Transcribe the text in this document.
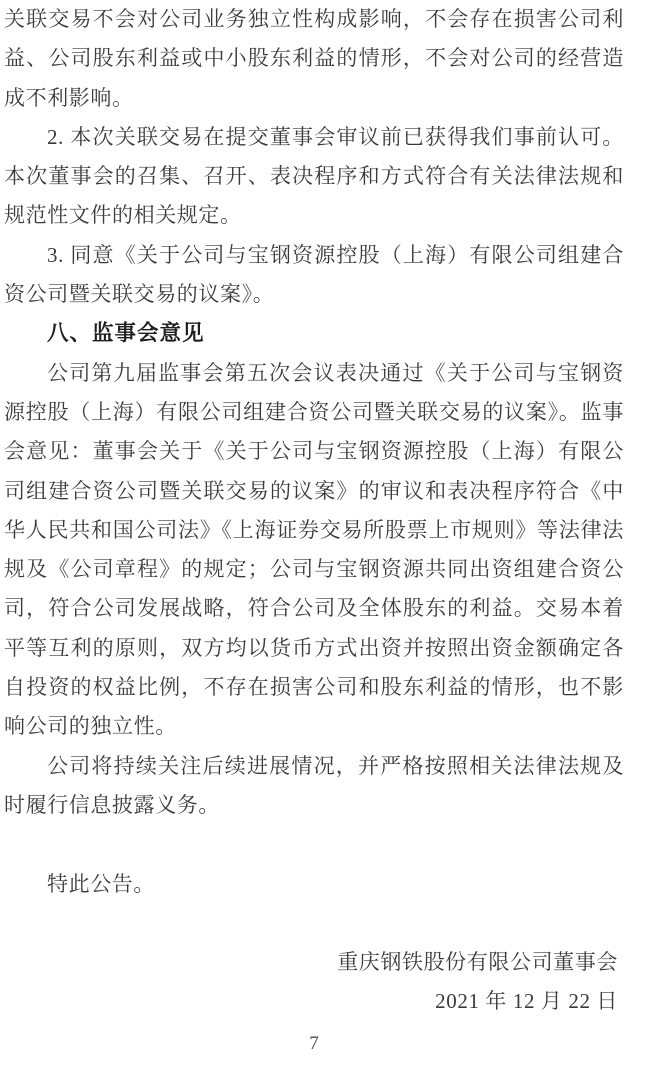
关联交易不会对公司业务独立性构成影响，不会存在损害公司利益、公司股东利益或中小股东利益的情形，不会对公司的经营造成不利影响。

2. 本次关联交易在提交董事会审议前已获得我们事前认可。本次董事会的召集、召开、表决程序和方式符合有关法律法规和规范性文件的相关规定。

3. 同意《关于公司与宝钢资源控股（上海）有限公司组建合资公司暨关联交易的议案》。

八、监事会意见

公司第九届监事会第五次会议表决通过《关于公司与宝钢资源控股（上海）有限公司组建合资公司暨关联交易的议案》。监事会意见：董事会关于《关于公司与宝钢资源控股（上海）有限公司组建合资公司暨关联交易的议案》的审议和表决程序符合《中华人民共和国公司法》《上海证券交易所股票上市规则》等法律法规及《公司章程》的规定；公司与宝钢资源共同出资组建合资公司，符合公司发展战略，符合公司及全体股东的利益。交易本着平等互利的原则，双方均以货币方式出资并按照出资金额确定各自投资的权益比例，不存在损害公司和股东利益的情形，也不影响公司的独立性。

公司将持续关注后续进展情况，并严格按照相关法律法规及时履行信息披露义务。

特此公告。

重庆钢铁股份有限公司董事会

2021 年 12 月 22 日

7
